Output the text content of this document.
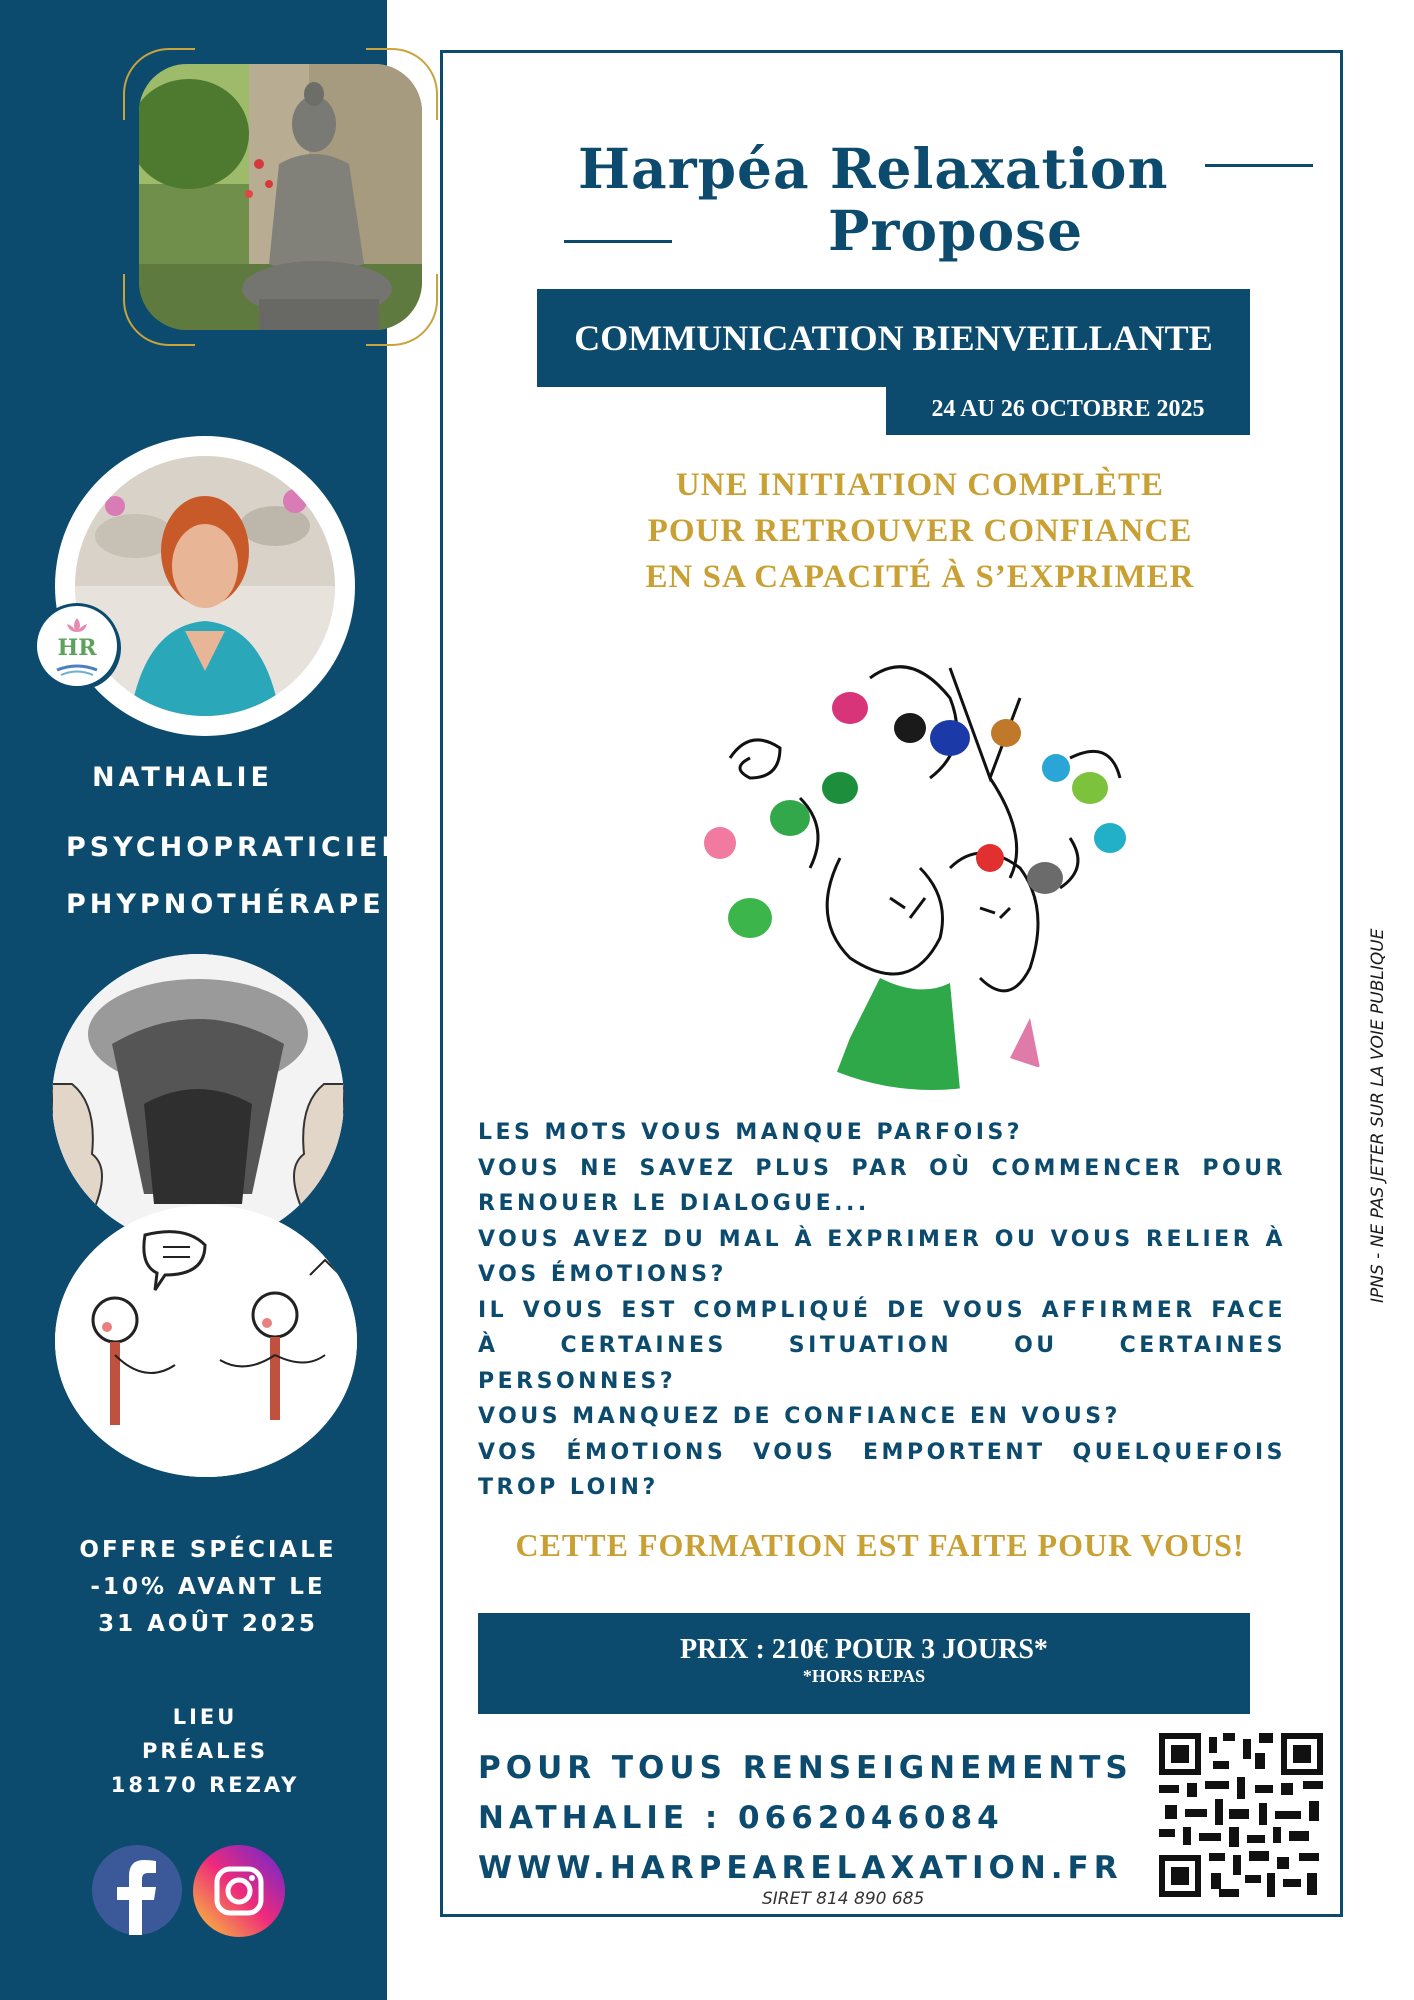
HR
NATHALIE
PSYCHOPRATICIENNE
PHYPNOTHÉRAPEUTE
OFFRE SPÉCIALE
-10% AVANT LE
31 AOÛT 2025
LIEU
PRÉALES
18170 REZAY
Harpéa Relaxation
Propose
COMMUNICATION BIENVEILLANTE
24 AU 26 OCTOBRE 2025
UNE INITIATION COMPLÈTE
POUR RETROUVER CONFIANCE
EN SA CAPACITÉ À S’EXPRIMER
LES MOTS VOUS MANQUE PARFOIS?
VOUS NE SAVEZ PLUS PAR OÙ COMMENCER POUR RENOUER LE DIALOGUE...
VOUS AVEZ DU MAL À EXPRIMER OU VOUS RELIER À VOS ÉMOTIONS?
IL VOUS EST COMPLIQUÉ DE VOUS AFFIRMER FACE À CERTAINES SITUATION OU CERTAINES PERSONNES?
VOUS MANQUEZ DE CONFIANCE EN VOUS?
VOS ÉMOTIONS VOUS EMPORTENT QUELQUEFOIS TROP LOIN?
CETTE FORMATION EST FAITE POUR VOUS!
PRIX : 210€ POUR 3 JOURS*
*HORS REPAS
POUR TOUS RENSEIGNEMENTS
NATHALIE : 0662046084
WWW.HARPEARELAXATION.FR
SIRET 814 890 685
IPNS - NE PAS JETER SUR LA VOIE PUBLIQUE
